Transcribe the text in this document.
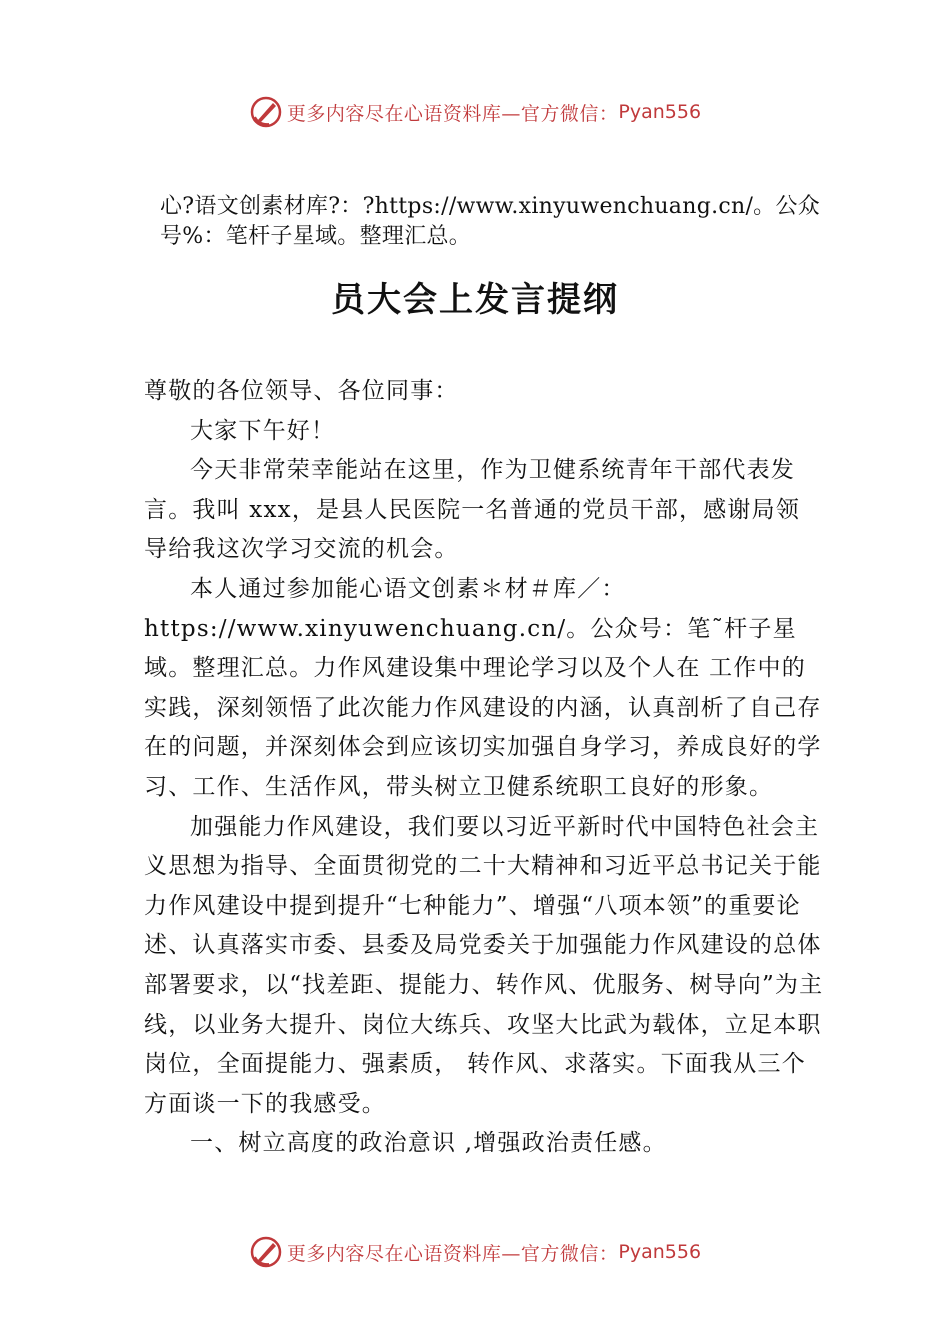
更多内容尽在心语资料库—官方微信： Pyan556
心?语文创素材库?：?https://www.xinyuwenchuang.cn/。公众号%：笔杆子星域。整理汇总。
员大会上发言提纲

尊敬的各位领导、各位同事：

大家下午好！

今天非常荣幸能站在这里，作为卫健系统青年干部代表发言。我叫 xxx，是县人民医院一名普通的党员干部，感谢局领导给我这次学习交流的机会。

本人通过参加能心语文创素＊材＃库／：https://www.xinyuwenchuang.cn/。公众号：笔˜杆子星域。整理汇总。力作风建设集中理论学习以及个人在 工作中的实践，深刻领悟了此次能力作风建设的内涵，认真剖析了自己存在的问题，并深刻体会到应该切实加强自身学习，养成良好的学习、工作、生活作风，带头树立卫健系统职工良好的形象。

加强能力作风建设，我们要以习近平新时代中国特色社会主义思想为指导、全面贯彻党的二十大精神和习近平总书记关于能力作风建设中提到提升“七种能力”、增强“八项本领”的重要论述、认真落实市委、县委及局党委关于加强能力作风建设的总体部署要求，以“找差距、提能力、转作风、优服务、树导向”为主线，以业务大提升、岗位大练兵、攻坚大比武为载体，立足本职岗位，全面提能力、强素质， 转作风、求落实。下面我从三个方面谈一下的我感受。

一、树立高度的政治意识 ,增强政治责任感。

更多内容尽在心语资料库—官方微信： Pyan556
